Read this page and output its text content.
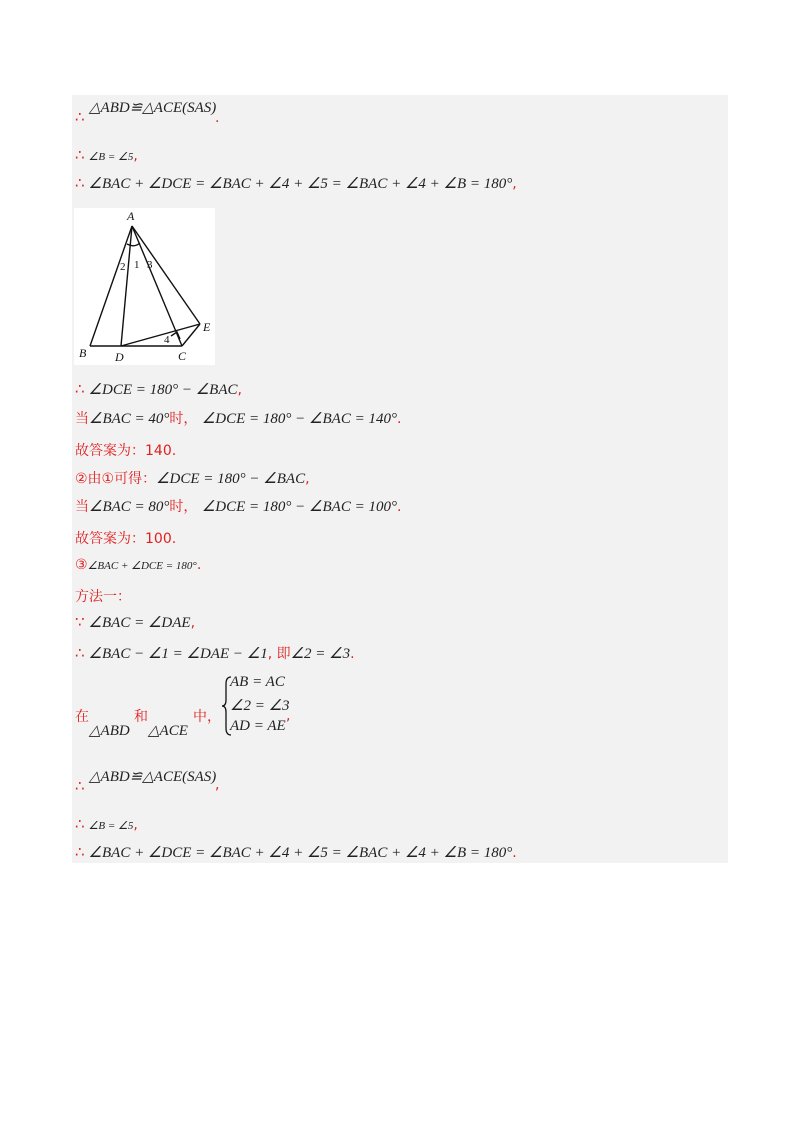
△ABD≌△ACE(SAS)
∴	.
∴ ∠B = ∠5,
∴ ∠BAC + ∠DCE = ∠BAC + ∠4 + ∠5 = ∠BAC + ∠4 + ∠B = 180°,
A
B D	C
E
2 1 3
4
∴ ∠DCE = 180° − ∠BAC,
当∠BAC = 40°时， ∠DCE = 180° − ∠BAC = 140°.
故答案为：140.
②由①可得：∠DCE = 180° − ∠BAC,
当∠BAC = 80°时， ∠DCE = 180° − ∠BAC = 100°.
故答案为：100.
③∠BAC + ∠DCE = 180°.
方法一：
∵ ∠BAC = ∠DAE,
∴ ∠BAC − ∠1 = ∠DAE − ∠1, 即∠2 = ∠3.
在
△ABD
和
△ACE
中，
AB = AC
∠2 = ∠3
AD = AE
,
△ABD≌△ACE(SAS)
∴	,
∴ ∠B = ∠5,
∴ ∠BAC + ∠DCE = ∠BAC + ∠4 + ∠5 = ∠BAC + ∠4 + ∠B = 180°.
